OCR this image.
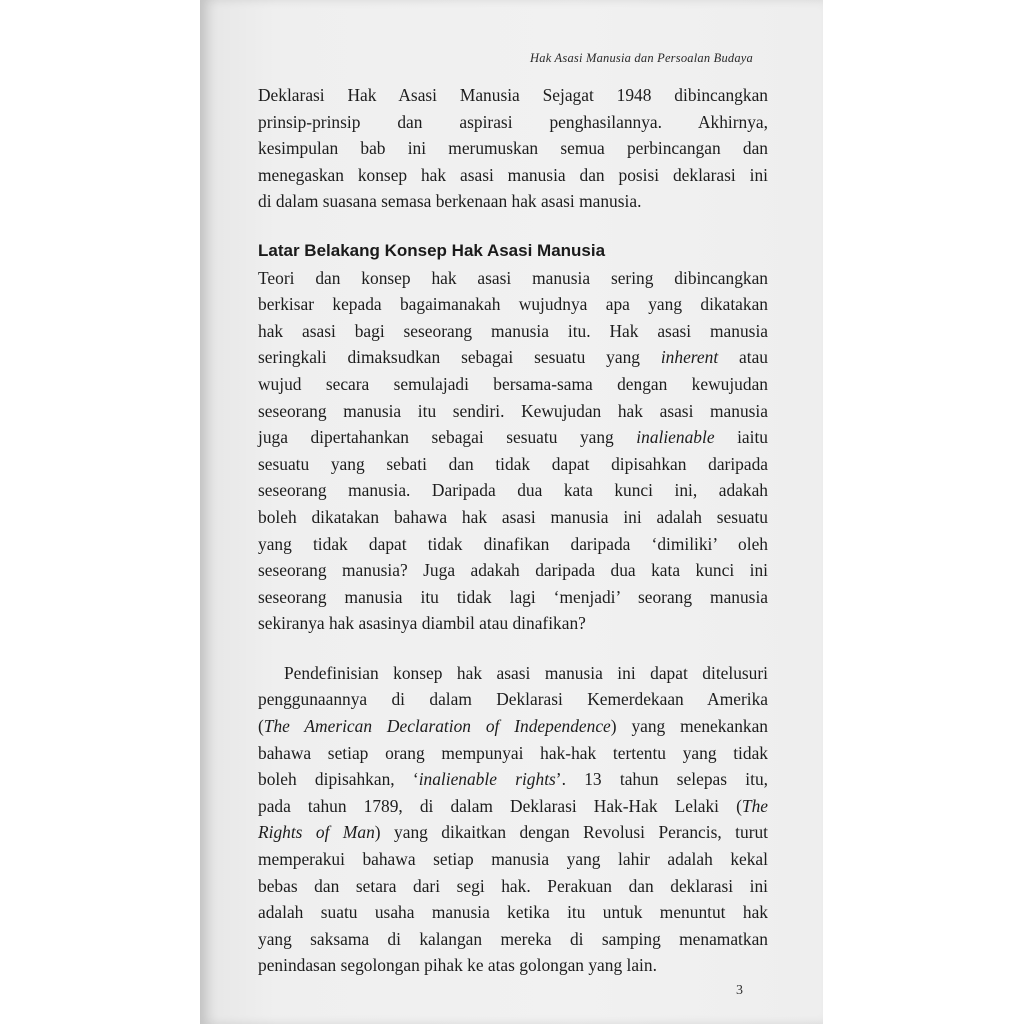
Hak Asasi Manusia dan Persoalan Budaya
Deklarasi Hak Asasi Manusia Sejagat 1948 dibincangkan
prinsip-prinsip dan aspirasi penghasilannya. Akhirnya,
kesimpulan bab ini merumuskan semua perbincangan dan
menegaskan konsep hak asasi manusia dan posisi deklarasi ini
di dalam suasana semasa berkenaan hak asasi manusia.
Latar Belakang Konsep Hak Asasi Manusia
Teori dan konsep hak asasi manusia sering dibincangkan
berkisar kepada bagaimanakah wujudnya apa yang dikatakan
hak asasi bagi seseorang manusia itu. Hak asasi manusia
seringkali dimaksudkan sebagai sesuatu yang inherent atau
wujud secara semulajadi bersama-sama dengan kewujudan
seseorang manusia itu sendiri. Kewujudan hak asasi manusia
juga dipertahankan sebagai sesuatu yang inalienable iaitu
sesuatu yang sebati dan tidak dapat dipisahkan daripada
seseorang manusia. Daripada dua kata kunci ini, adakah
boleh dikatakan bahawa hak asasi manusia ini adalah sesuatu
yang tidak dapat tidak dinafikan daripada ‘dimiliki’ oleh
seseorang manusia? Juga adakah daripada dua kata kunci ini
seseorang manusia itu tidak lagi ‘menjadi’ seorang manusia
sekiranya hak asasinya diambil atau dinafikan?
Pendefinisian konsep hak asasi manusia ini dapat ditelusuri
penggunaannya di dalam Deklarasi Kemerdekaan Amerika
(The American Declaration of Independence) yang menekankan
bahawa setiap orang mempunyai hak-hak tertentu yang tidak
boleh dipisahkan, ‘inalienable rights’. 13 tahun selepas itu,
pada tahun 1789, di dalam Deklarasi Hak-Hak Lelaki (The
Rights of Man) yang dikaitkan dengan Revolusi Perancis, turut
memperakui bahawa setiap manusia yang lahir adalah kekal
bebas dan setara dari segi hak. Perakuan dan deklarasi ini
adalah suatu usaha manusia ketika itu untuk menuntut hak
yang saksama di kalangan mereka di samping menamatkan
penindasan segolongan pihak ke atas golongan yang lain.
3
